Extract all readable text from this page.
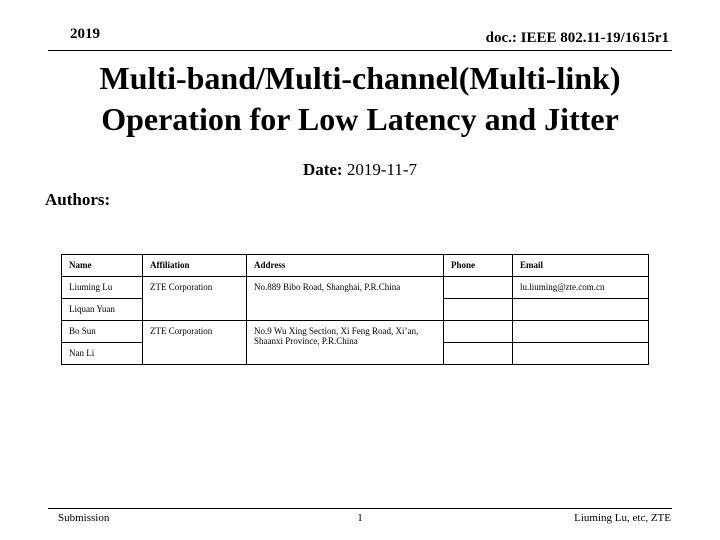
2019	doc.: IEEE 802.11-19/1615r1
Multi-band/Multi-channel(Multi-link)
Operation for Low Latency and Jitter
Date: 2019-11-7
Authors:
Name	Affiliation	Address	Phone	Email
Liuming Lu	ZTE Corporation	No.889 Bibo Road, Shanghai, P.R.China		lu.liuming@zte.com.cn
Liquan Yuan				
Bo Sun	ZTE Corporation	No.9 Wu Xing Section, Xi Feng Road, Xi’an, Shaanxi Province, P.R.China		
Nan Li				
Submission	1	Liuming Lu, etc, ZTE
